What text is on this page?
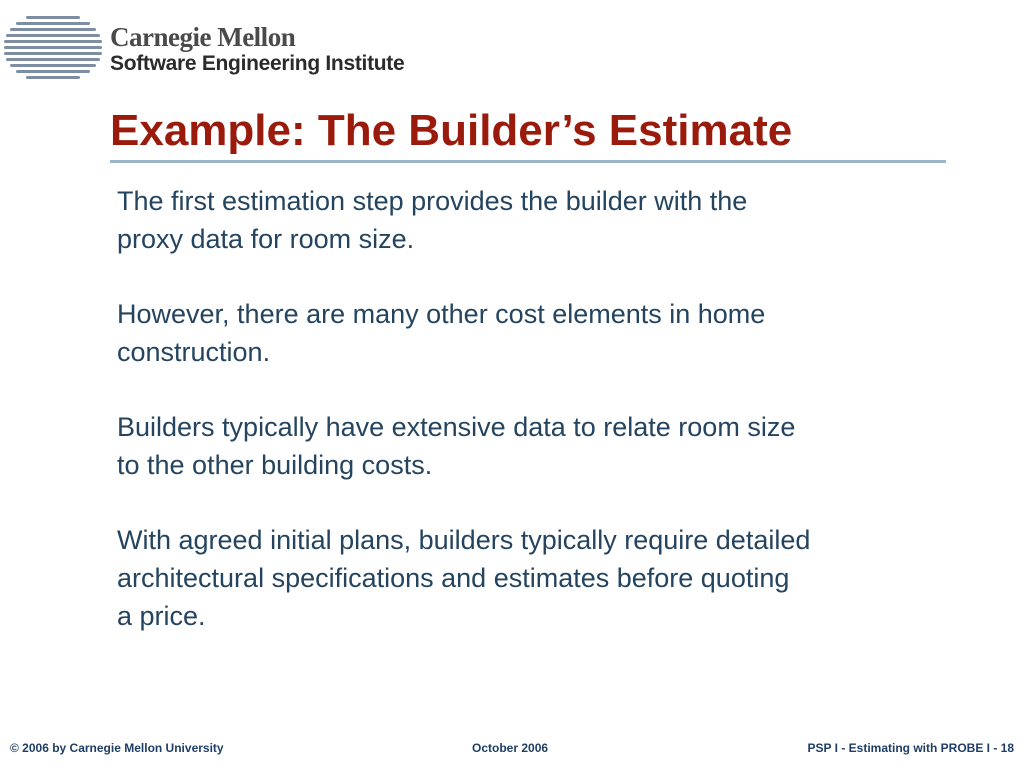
Carnegie Mellon
Software Engineering Institute
Example: The Builder’s Estimate

The first estimation step provides the builder with the
proxy data for room size.

However, there are many other cost elements in home
construction.

Builders typically have extensive data to relate room size
to the other building costs.

With agreed initial plans, builders typically require detailed
architectural specifications and estimates before quoting
a price.

© 2006 by Carnegie Mellon University	October 2006	PSP I - Estimating with PROBE I - 18
